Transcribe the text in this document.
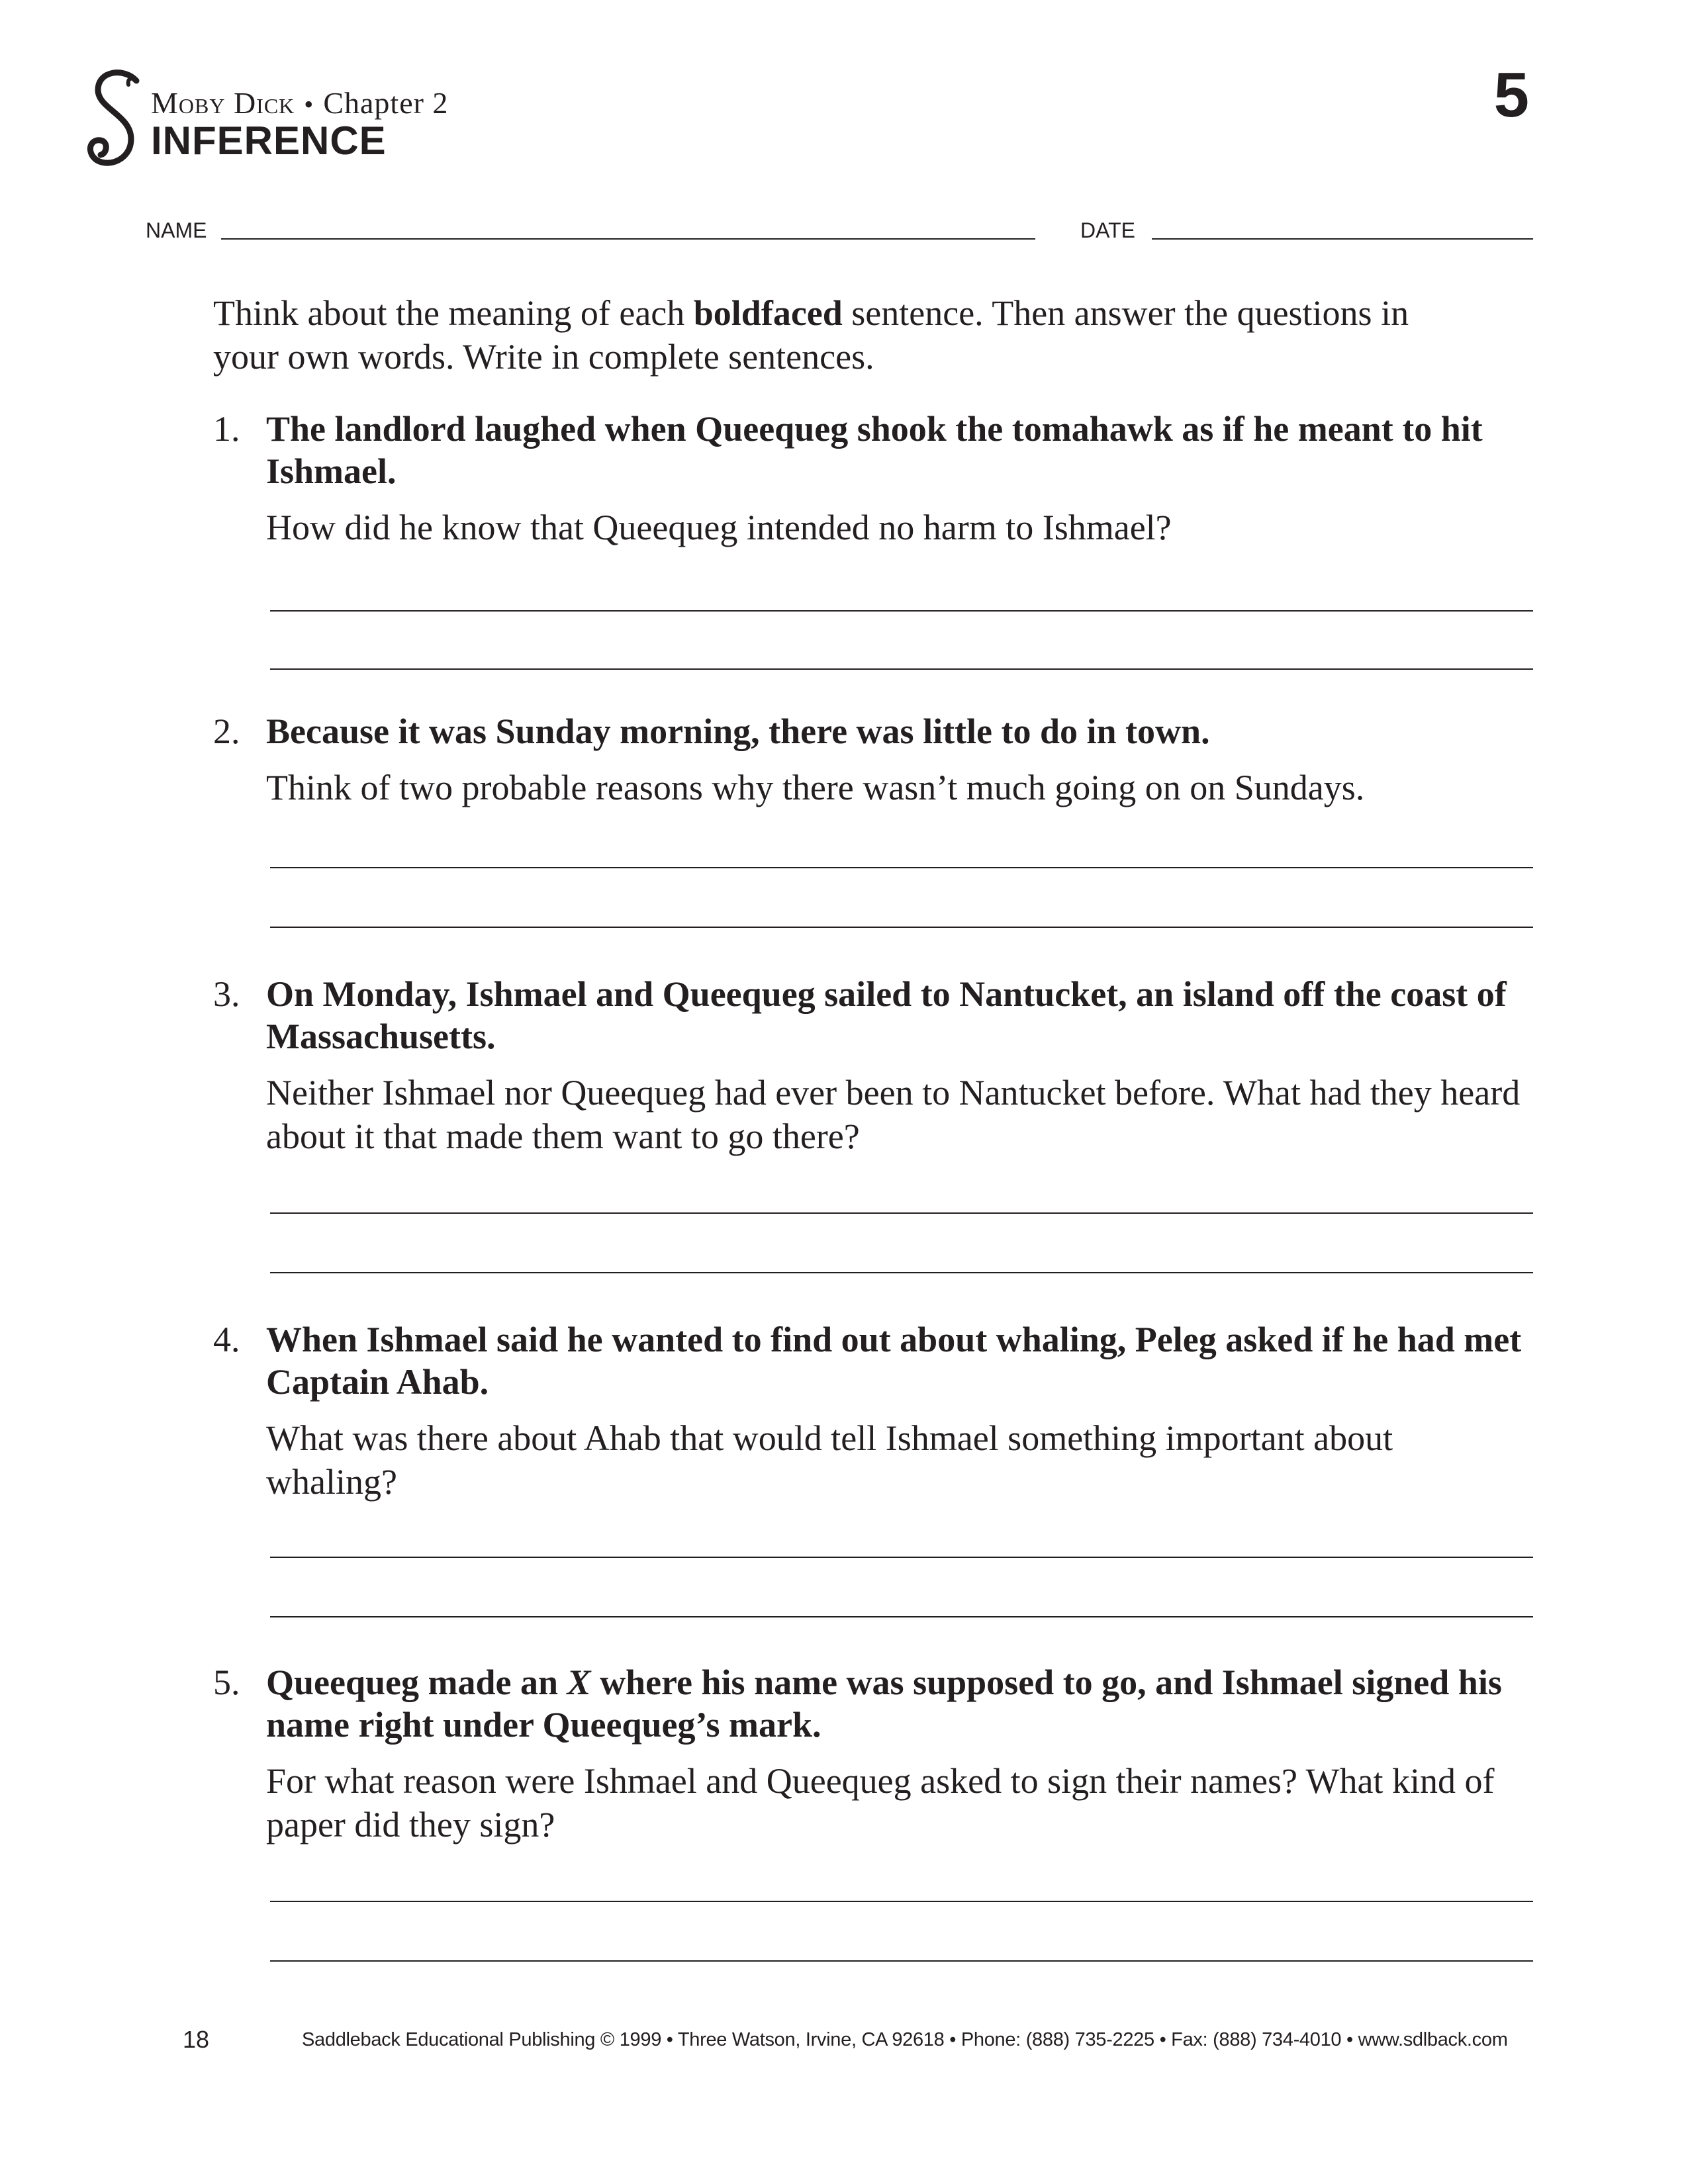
Moby Dick • Chapter 2
INFERENCE
5
NAME	DATE
Think about the meaning of each boldfaced sentence. Then answer the questions in your own words. Write in complete sentences.
1. The landlord laughed when Queequeg shook the tomahawk as if he meant to hit Ishmael.
How did he know that Queequeg intended no harm to Ishmael?
2. Because it was Sunday morning, there was little to do in town.
Think of two probable reasons why there wasn’t much going on on Sundays.
3. On Monday, Ishmael and Queequeg sailed to Nantucket, an island off the coast of Massachusetts.
Neither Ishmael nor Queequeg had ever been to Nantucket before. What had they heard about it that made them want to go there?
4. When Ishmael said he wanted to find out about whaling, Peleg asked if he had met Captain Ahab.
What was there about Ahab that would tell Ishmael something important about whaling?
5. Queequeg made an X where his name was supposed to go, and Ishmael signed his name right under Queequeg’s mark.
For what reason were Ishmael and Queequeg asked to sign their names? What kind of paper did they sign?
18	Saddleback Educational Publishing © 1999 • Three Watson, Irvine, CA 92618 • Phone: (888) 735-2225 • Fax: (888) 734-4010 • www.sdlback.com
